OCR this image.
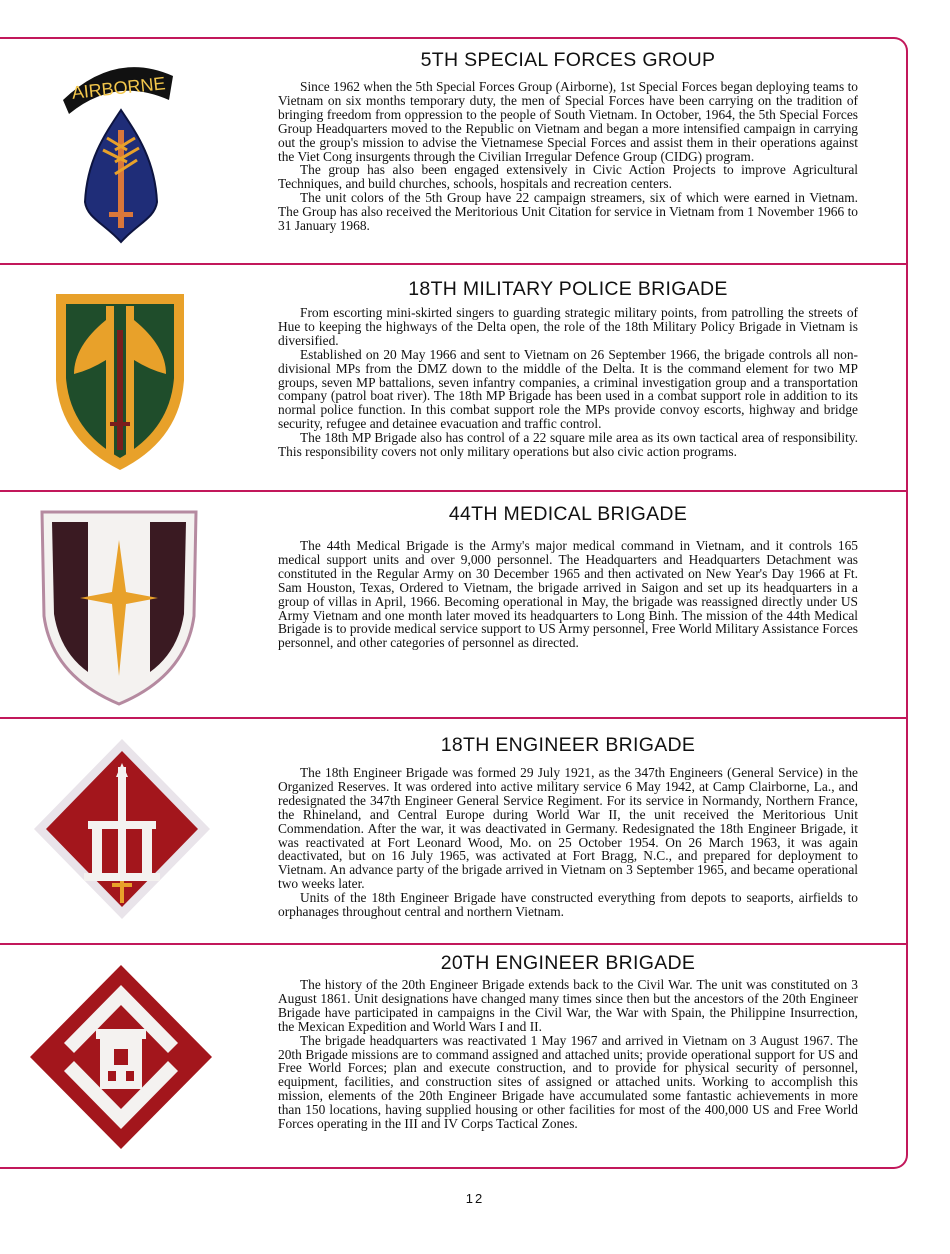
AIRBORNE
5TH SPECIAL FORCES GROUP

Since 1962 when the 5th Special Forces Group (Airborne), 1st Special Forces began deploying teams to Vietnam on six months temporary duty, the men of Special Forces have been carrying on the tradition of bringing freedom from oppression to the people of South Vietnam. In October, 1964, the 5th Special Forces Group Headquarters moved to the Republic on Vietnam and began a more intensified campaign in carrying out the group's mission to advise the Vietnamese Special Forces and assist them in their operations against the Viet Cong insurgents through the Civilian Irregular Defence Group (CIDG) program.

The group has also been engaged extensively in Civic Action Projects to improve Agricultural Techniques, and build churches, schools, hospitals and recreation centers.

The unit colors of the 5th Group have 22 campaign streamers, six of which were earned in Vietnam. The Group has also received the Meritorious Unit Citation for service in Vietnam from 1 November 1966 to 31 January 1968.

18TH MILITARY POLICE BRIGADE

From escorting mini-skirted singers to guarding strategic military points, from patrolling the streets of Hue to keeping the highways of the Delta open, the role of the 18th Military Policy Brigade in Vietnam is diversified.

Established on 20 May 1966 and sent to Vietnam on 26 September 1966, the brigade controls all non-divisional MPs from the DMZ down to the middle of the Delta. It is the command element for two MP groups, seven MP battalions, seven infantry companies, a criminal investigation group and a transportation company (patrol boat river). The 18th MP Brigade has been used in a combat support role in addition to its normal police function. In this combat support role the MPs provide convoy escorts, highway and bridge security, refugee and detainee evacuation and traffic control.

The 18th MP Brigade also has control of a 22 square mile area as its own tactical area of responsibility. This responsibility covers not only military operations but also civic action programs.

44TH MEDICAL BRIGADE

The 44th Medical Brigade is the Army's major medical command in Vietnam, and it controls 165 medical support units and over 9,000 personnel. The Headquarters and Headquarters Detachment was constituted in the Regular Army on 30 December 1965 and then activated on New Year's Day 1966 at Ft. Sam Houston, Texas, Ordered to Vietnam, the brigade arrived in Saigon and set up its headquarters in a group of villas in April, 1966. Becoming operational in May, the brigade was reassigned directly under US Army Vietnam and one month later moved its headquarters to Long Binh. The mission of the 44th Medical Brigade is to provide medical service support to US Army personnel, Free World Military Assistance Forces personnel, and other categories of personnel as directed.

18TH ENGINEER BRIGADE

The 18th Engineer Brigade was formed 29 July 1921, as the 347th Engineers (General Service) in the Organized Reserves. It was ordered into active military service 6 May 1942, at Camp Clairborne, La., and redesignated the 347th Engineer General Service Regiment. For its service in Normandy, Northern France, the Rhineland, and Central Europe during World War II, the unit received the Meritorious Unit Commendation. After the war, it was deactivated in Germany. Redesignated the 18th Engineer Brigade, it was reactivated at Fort Leonard Wood, Mo. on 25 October 1954. On 26 March 1963, it was again deactivated, but on 16 July 1965, was activated at Fort Bragg, N.C., and prepared for deployment to Vietnam. An advance party of the brigade arrived in Vietnam on 3 September 1965, and became operational two weeks later.

Units of the 18th Engineer Brigade have constructed everything from depots to seaports, airfields to orphanages throughout central and northern Vietnam.

20TH ENGINEER BRIGADE

The history of the 20th Engineer Brigade extends back to the Civil War. The unit was constituted on 3 August 1861. Unit designations have changed many times since then but the ancestors of the 20th Engineer Brigade have participated in campaigns in the Civil War, the War with Spain, the Philippine Insurrection, the Mexican Expedition and World Wars I and II.

The brigade headquarters was reactivated 1 May 1967 and arrived in Vietnam on 3 August 1967. The 20th Brigade missions are to command assigned and attached units; provide operational support for US and Free World Forces; plan and execute construction, and to provide for physical security of personnel, equipment, facilities, and construction sites of assigned or attached units. Working to accomplish this mission, elements of the 20th Engineer Brigade have accumulated some fantastic achievements in more than 150 locations, having supplied housing or other facilities for most of the 400,000 US and Free World Forces operating in the III and IV Corps Tactical Zones.

12
